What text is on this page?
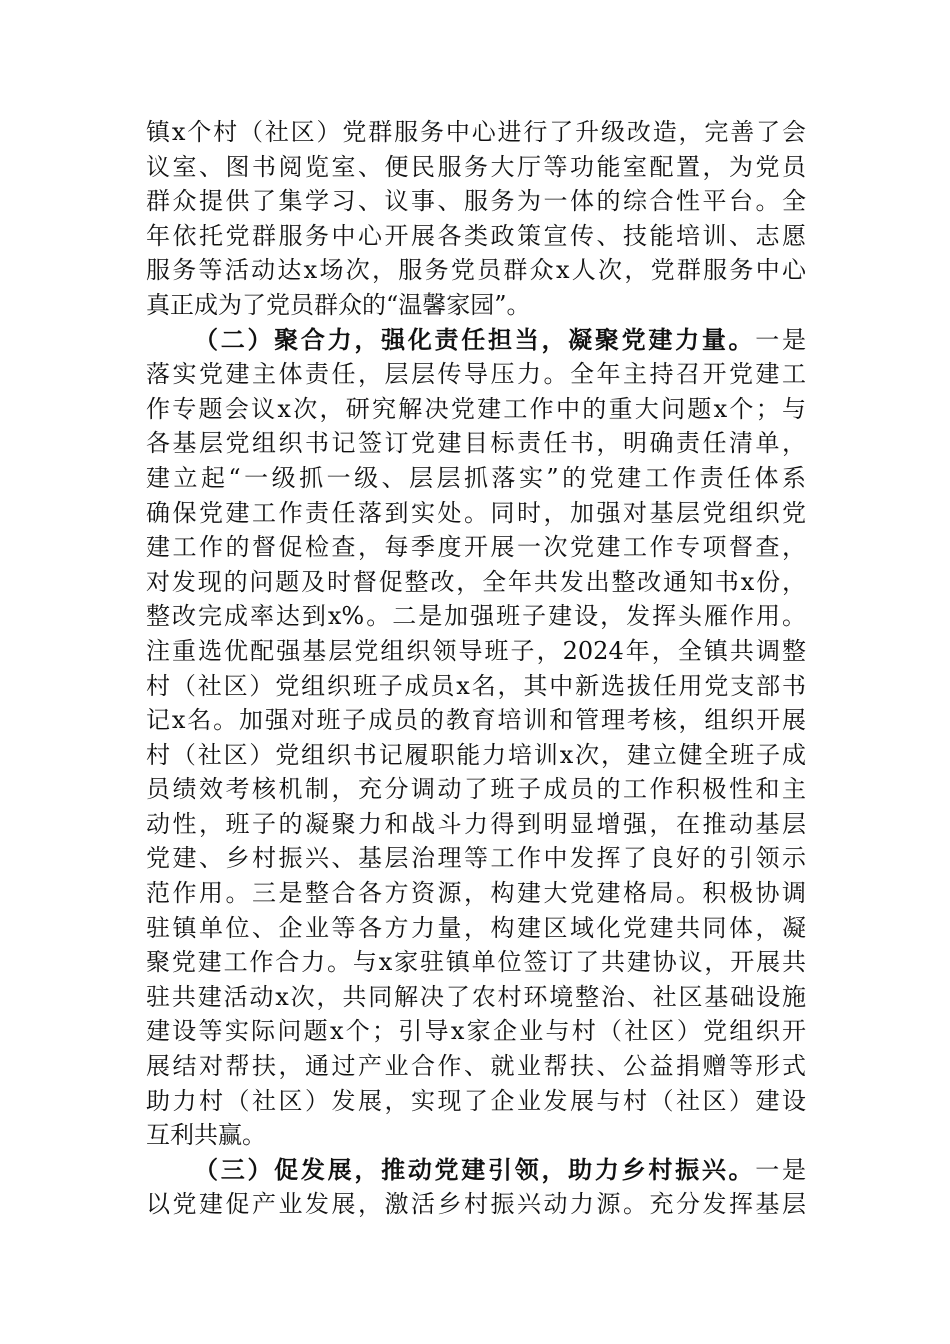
镇x个村（社区）党群服务中心进行了升级改造，完善了会
议室、图书阅览室、便民服务大厅等功能室配置，为党员
群众提供了集学习、议事、服务为一体的综合性平台。全
年依托党群服务中心开展各类政策宣传、技能培训、志愿
服务等活动达x场次，服务党员群众x人次，党群服务中心
真正成为了党员群众的“温馨家园”。
（二）聚合力，强化责任担当，凝聚党建力量。一是
落实党建主体责任，层层传导压力。全年主持召开党建工
作专题会议x次，研究解决党建工作中的重大问题x个；与
各基层党组织书记签订党建目标责任书，明确责任清单，
建立起“一级抓一级、层层抓落实”的党建工作责任体系
确保党建工作责任落到实处。同时，加强对基层党组织党
建工作的督促检查，每季度开展一次党建工作专项督查，
对发现的问题及时督促整改，全年共发出整改通知书x份，
整改完成率达到x%。二是加强班子建设，发挥头雁作用。
注重选优配强基层党组织领导班子，2024年，全镇共调整
村（社区）党组织班子成员x名，其中新选拔任用党支部书
记x名。加强对班子成员的教育培训和管理考核，组织开展
村（社区）党组织书记履职能力培训x次，建立健全班子成
员绩效考核机制，充分调动了班子成员的工作积极性和主
动性，班子的凝聚力和战斗力得到明显增强，在推动基层
党建、乡村振兴、基层治理等工作中发挥了良好的引领示
范作用。三是整合各方资源，构建大党建格局。积极协调
驻镇单位、企业等各方力量，构建区域化党建共同体，凝
聚党建工作合力。与x家驻镇单位签订了共建协议，开展共
驻共建活动x次，共同解决了农村环境整治、社区基础设施
建设等实际问题x个；引导x家企业与村（社区）党组织开
展结对帮扶，通过产业合作、就业帮扶、公益捐赠等形式
助力村（社区）发展，实现了企业发展与村（社区）建设
互利共赢。
（三）促发展，推动党建引领，助力乡村振兴。一是
以党建促产业发展，激活乡村振兴动力源。充分发挥基层
